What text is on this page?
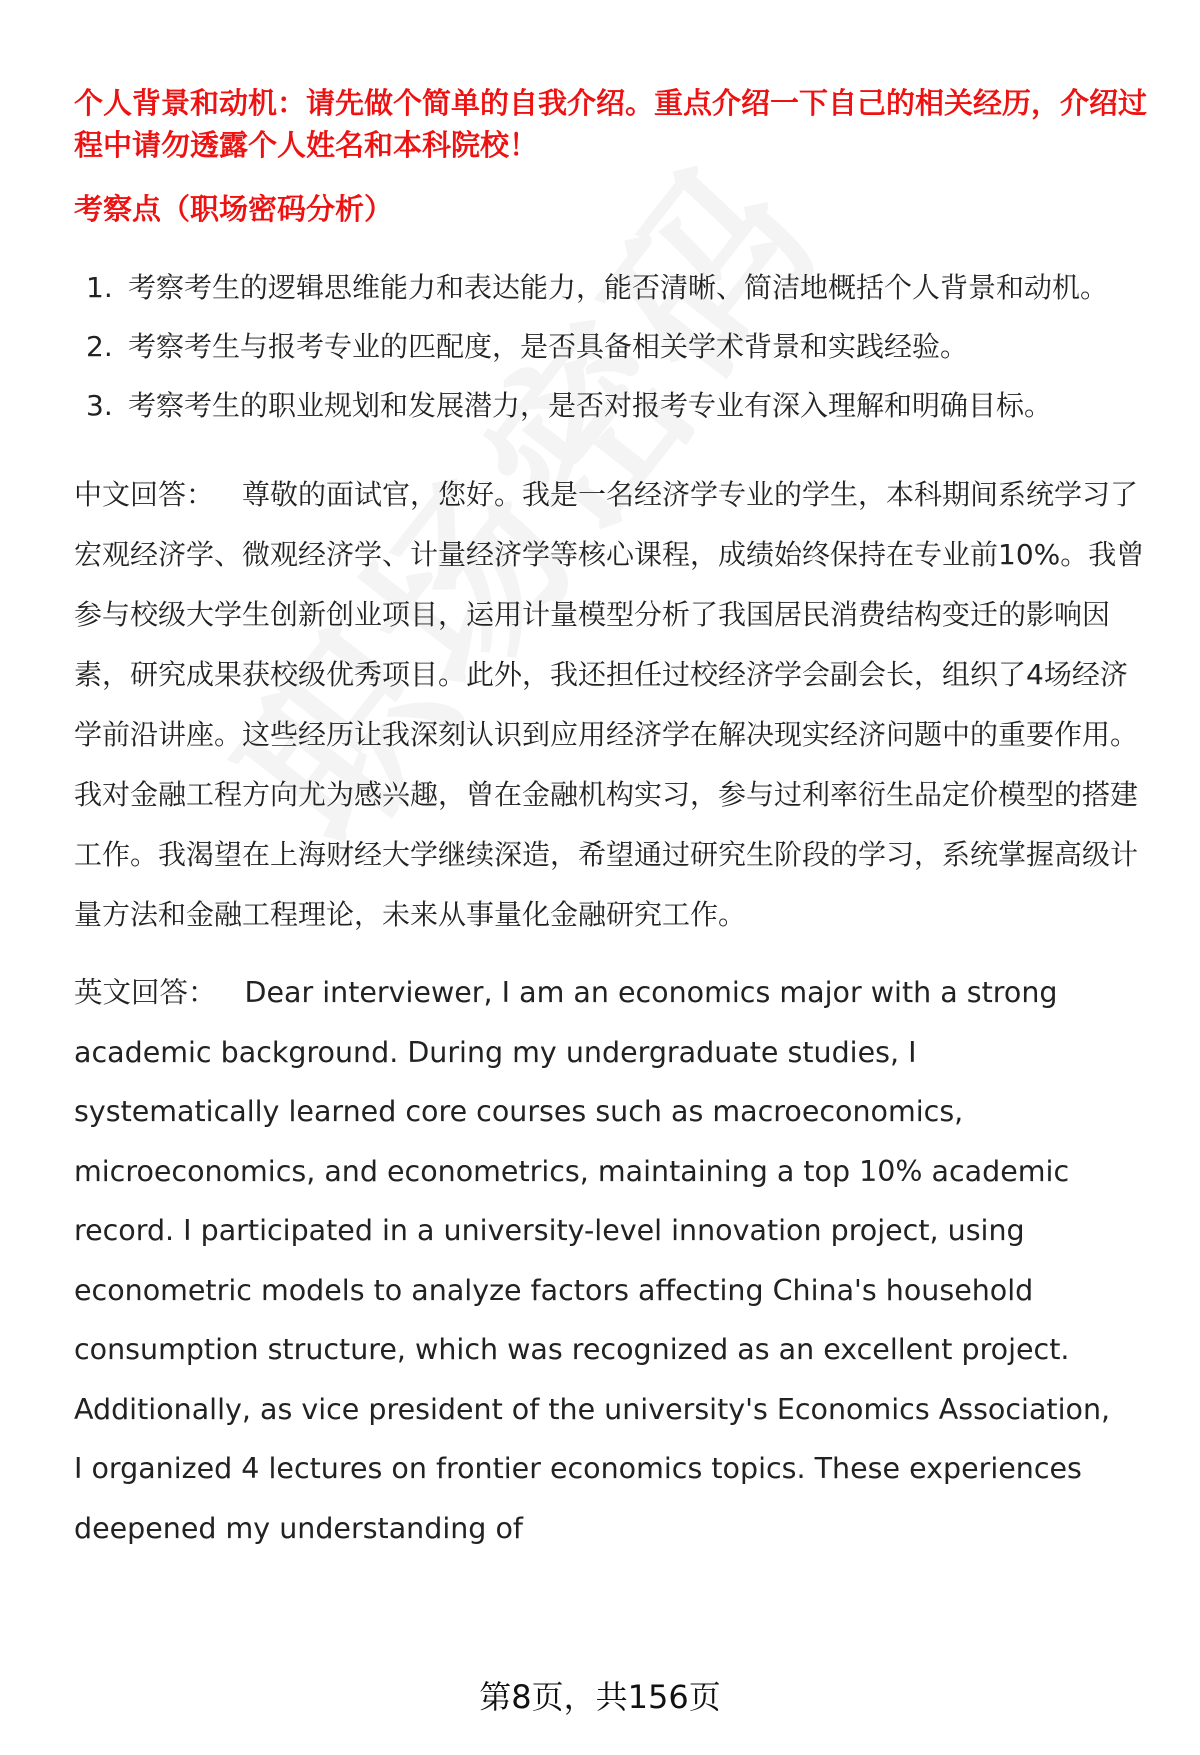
个人背景和动机：请先做个简单的自我介绍。重点介绍一下自己的相关经历，介绍过程中请勿透露个人姓名和本科院校！

考察点（职场密码分析）

1. 考察考生的逻辑思维能力和表达能力，能否清晰、简洁地概括个人背景和动机。
2. 考察考生与报考专业的匹配度，是否具备相关学术背景和实践经验。
3. 考察考生的职业规划和发展潜力，是否对报考专业有深入理解和明确目标。

中文回答： 尊敬的面试官，您好。我是一名经济学专业的学生，本科期间系统学习了宏观经济学、微观经济学、计量经济学等核心课程，成绩始终保持在专业前10%。我曾参与校级大学生创新创业项目，运用计量模型分析了我国居民消费结构变迁的影响因素，研究成果获校级优秀项目。此外，我还担任过校经济学会副会长，组织了4场经济学前沿讲座。这些经历让我深刻认识到应用经济学在解决现实经济问题中的重要作用。我对金融工程方向尤为感兴趣，曾在金融机构实习，参与过利率衍生品定价模型的搭建工作。我渴望在上海财经大学继续深造，希望通过研究生阶段的学习，系统掌握高级计量方法和金融工程理论，未来从事量化金融研究工作。

英文回答： Dear interviewer, I am an economics major with a strong academic background. During my undergraduate studies, I systematically learned core courses such as macroeconomics, microeconomics, and econometrics, maintaining a top 10% academic record. I participated in a university-level innovation project, using econometric models to analyze factors affecting China's household consumption structure, which was recognized as an excellent project. Additionally, as vice president of the university's Economics Association, I organized 4 lectures on frontier economics topics. These experiences deepened my understanding of

第8页，共156页
